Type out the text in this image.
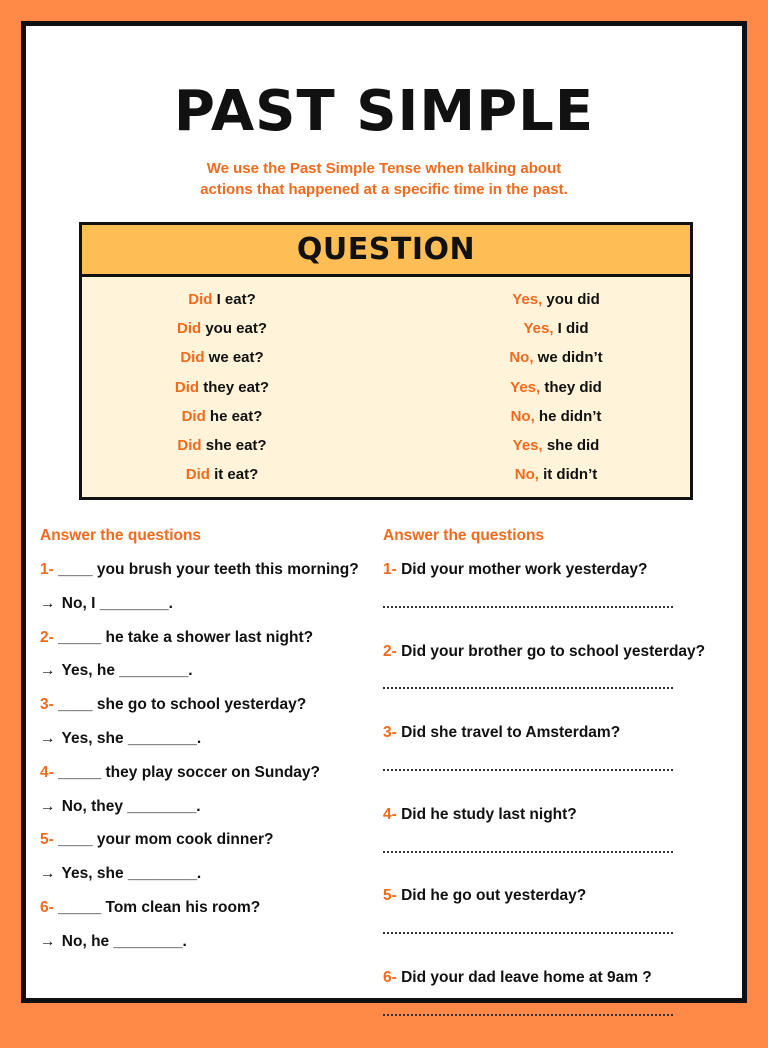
PAST SIMPLE
We use the Past Simple Tense when talking about
actions that happened at a specific time in the past.
QUESTION
Did I eat?
Did you eat?
Did we eat?
Did they eat?
Did he eat?
Did she eat?
Did it eat?
Yes, you did
Yes, I did
No, we didn’t
Yes, they did
No, he didn’t
Yes, she did
No, it didn’t
Answer the questions
1- ____ you brush your teeth this morning?
→ No, I ________.
2- _____ he take a shower last night?
→ Yes, he ________.
3- ____ she go to school yesterday?
→ Yes, she ________.
4- _____ they play soccer on Sunday?
→ No, they ________.
5- ____ your mom cook dinner?
→ Yes, she ________.
6- _____ Tom clean his room?
→ No, he ________.
Answer the questions
1- Did your mother work yesterday?
2- Did your brother go to school yesterday?
3- Did she travel to Amsterdam?
4- Did he study last night?
5- Did he go out yesterday?
6- Did your dad leave home at 9am ?
